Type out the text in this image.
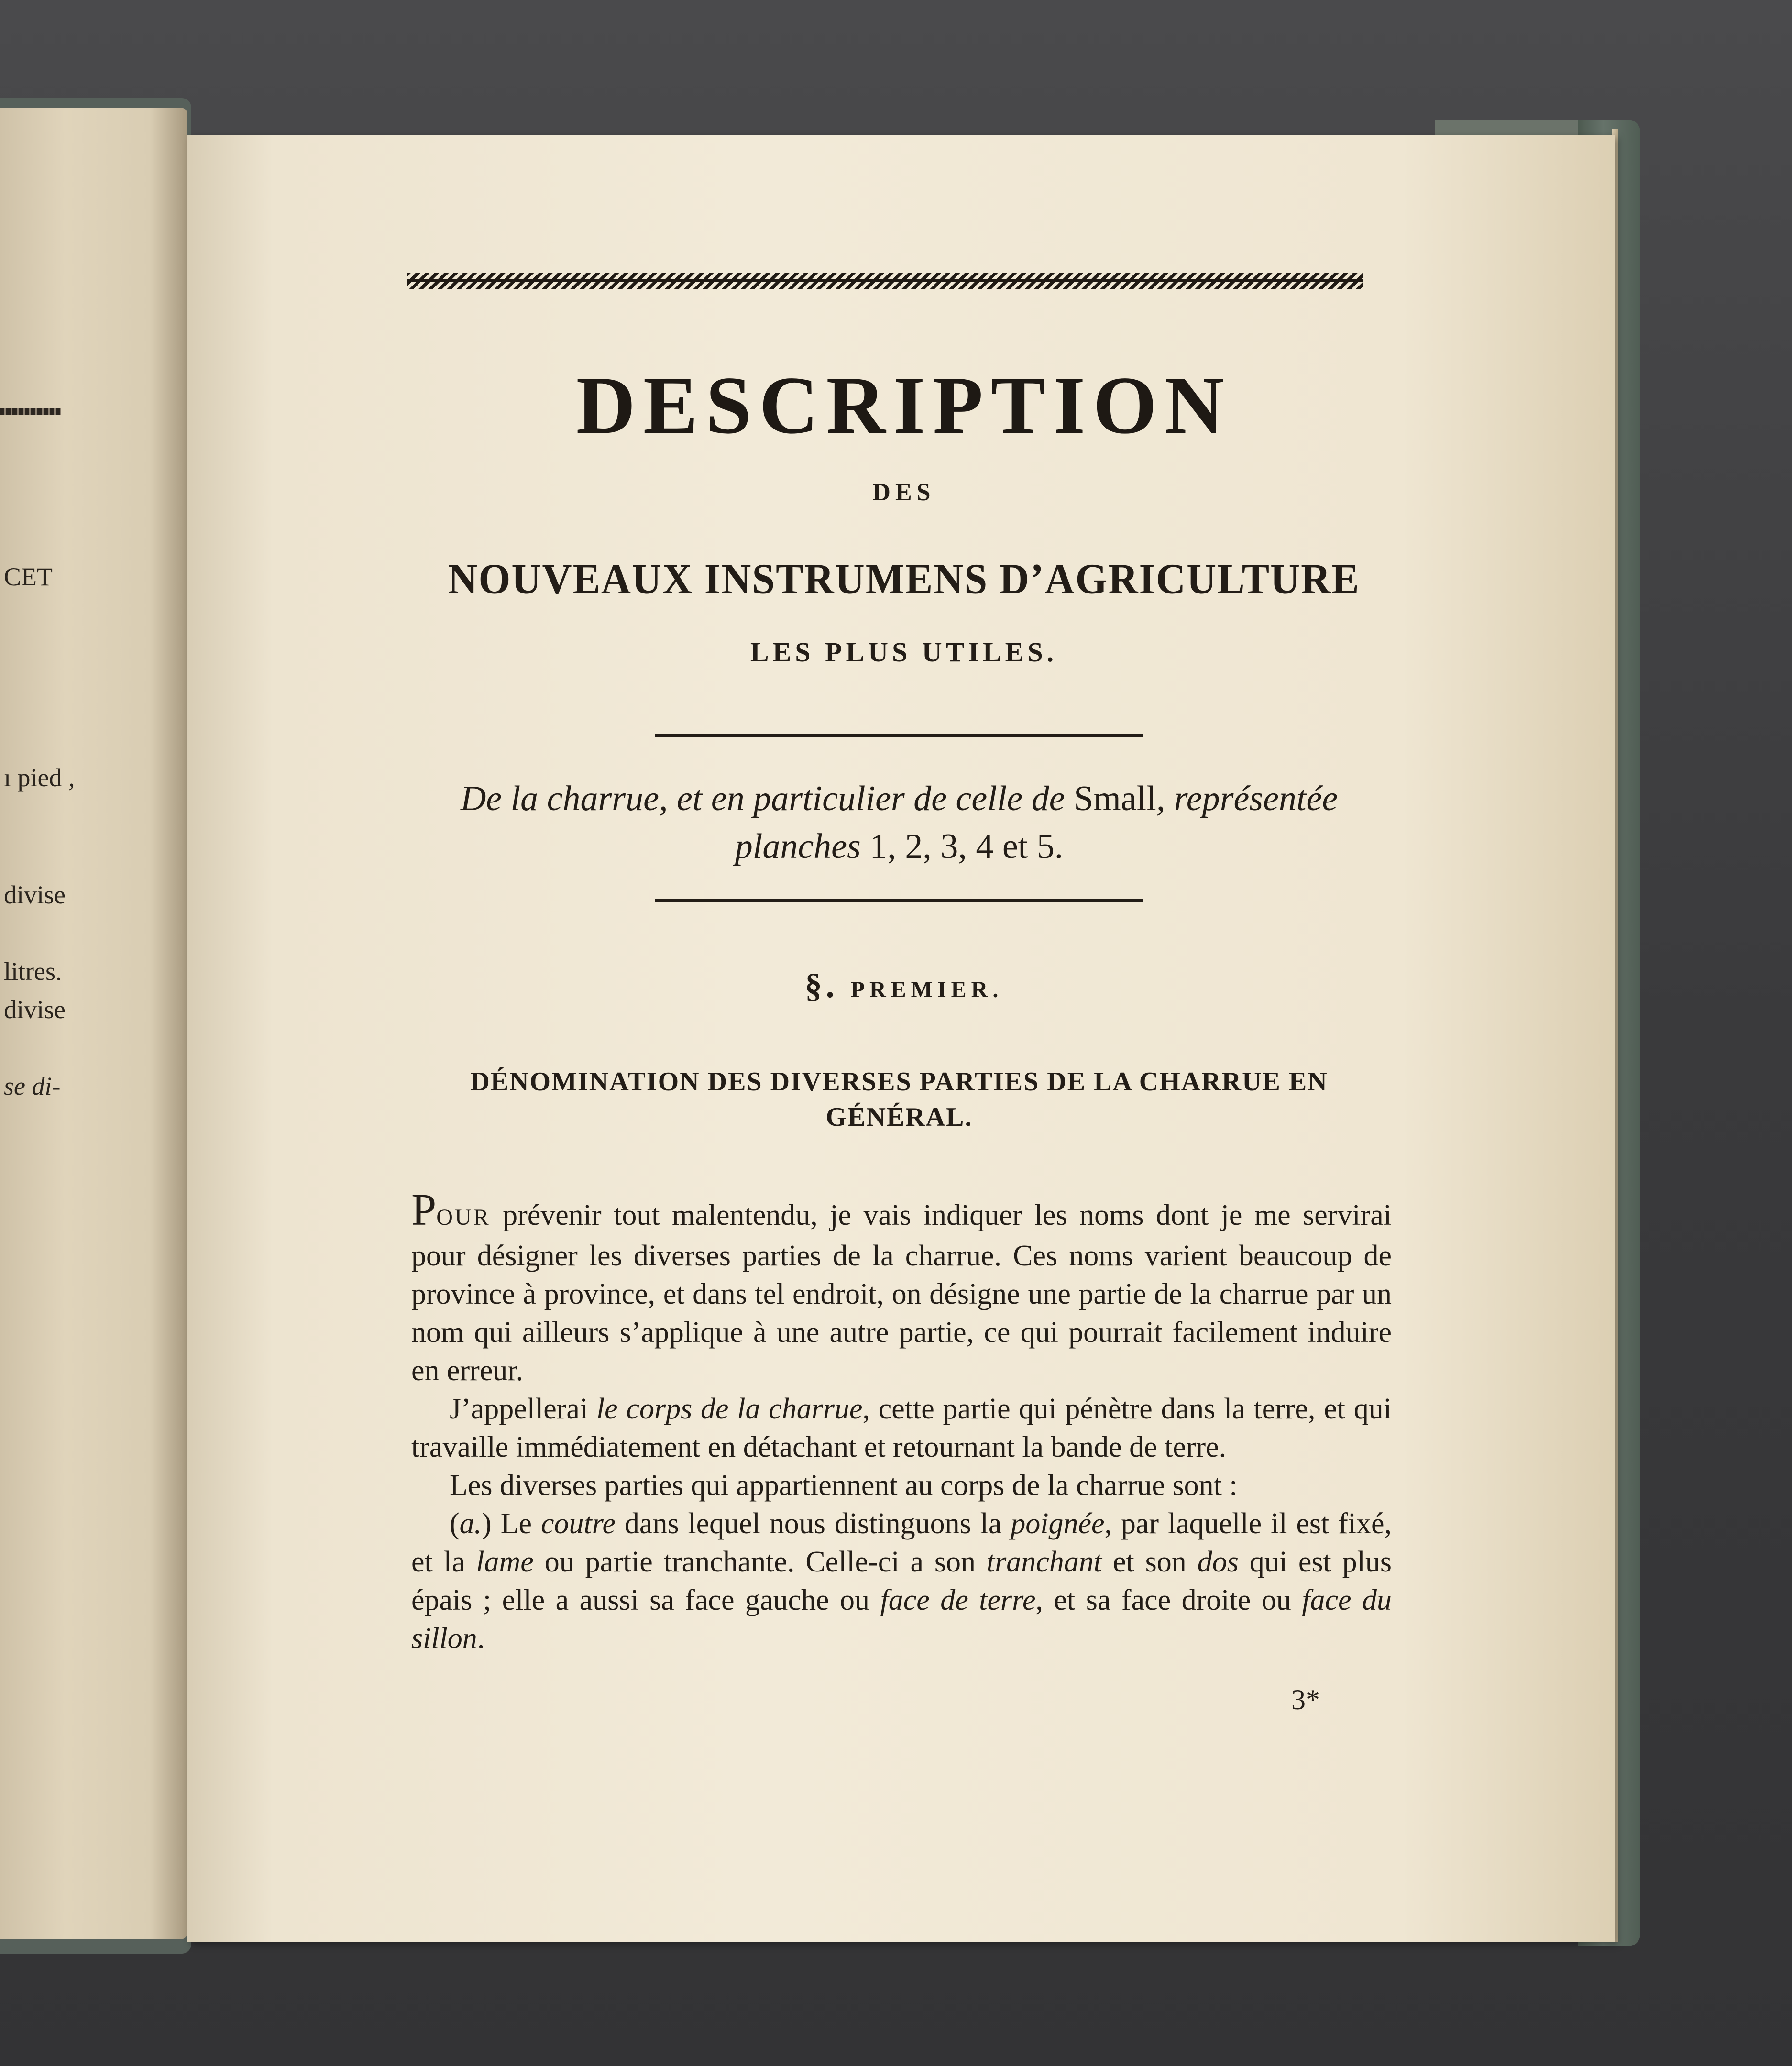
CET
ı pied ,
divise
litres.
divise
se di-
DESCRIPTION
DES
NOUVEAUX INSTRUMENS D’AGRICULTURE
LES PLUS UTILES.
De la charrue, et en particulier de celle de Small, représentée
planches 1, 2, 3, 4 et 5.
§. PREMIER.
DÉNOMINATION DES DIVERSES PARTIES DE LA CHARRUE EN GÉNÉRAL.

POUR prévenir tout malentendu, je vais indiquer les noms dont je me servirai pour désigner les diverses parties de la charrue. Ces noms varient beaucoup de province à province, et dans tel endroit, on désigne une partie de la charrue par un nom qui ailleurs s’applique à une autre partie, ce qui pourrait facilement induire en erreur.

J’appellerai le corps de la charrue, cette partie qui pénètre dans la terre, et qui travaille immédiatement en détachant et retournant la bande de terre.

Les diverses parties qui appartiennent au corps de la charrue sont :

(a.) Le coutre dans lequel nous distinguons la poignée, par laquelle il est fixé, et la lame ou partie tranchante. Celle-ci a son tranchant et son dos qui est plus épais ; elle a aussi sa face gauche ou face de terre, et sa face droite ou face du sillon.

3*
